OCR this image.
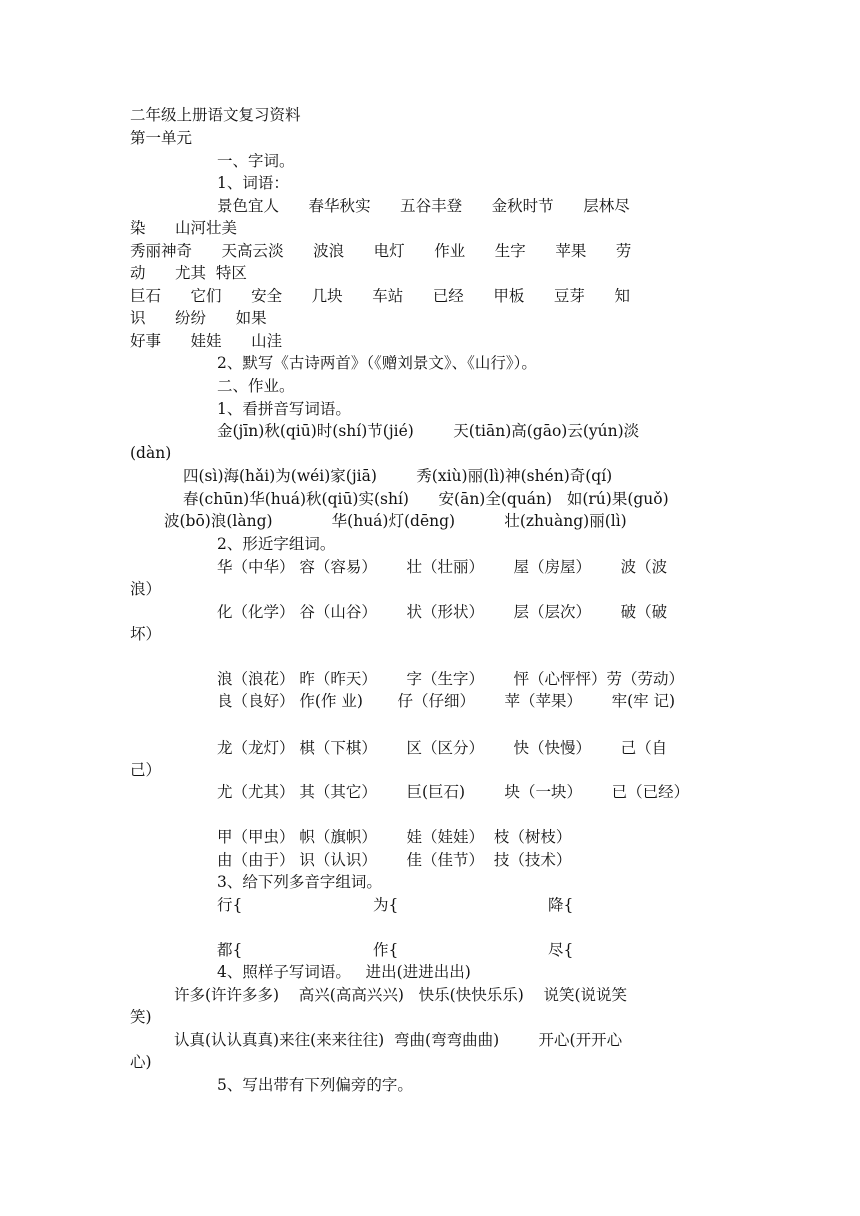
二年级上册语文复习资料
第一单元
一、字词。
1、词语：
景色宜人      春华秋实      五谷丰登      金秋时节      层林尽
染      山河壮美
秀丽神奇      天高云淡      波浪      电灯      作业      生字      苹果      劳
动      尤其  特区
巨石      它们      安全      几块      车站      已经      甲板      豆芽      知
识      纷纷      如果
好事      娃娃      山洼
2、默写《古诗两首》（《赠刘景文》、《山行》）。
二、作业。
1、看拼音写词语。
金(jīn)秋(qiū)时(shí)节(jié)        天(tiān)高(gāo)云(yún)淡
(dàn)
四(sì)海(hǎi)为(wéi)家(jiā)        秀(xiù)丽(lì)神(shén)奇(qí)
春(chūn)华(huá)秋(qiū)实(shí)      安(ān)全(quán)   如(rú)果(guǒ)
波(bō)浪(làng)            华(huá)灯(dēng)          壮(zhuàng)丽(lì)
2、形近字组词。
华（中华） 容（容易）      壮（壮丽）      屋（房屋）      波（波
浪）
化（化学） 谷（山谷）      状（形状）      层（层次）      破（破
坏）
浪（浪花） 昨（昨天）      字（生字）      怦（心怦怦）劳（劳动）
良（良好） 作(作 业)       仔（仔细）      苹（苹果）      牢(牢 记)
龙（龙灯） 棋（下棋）      区（区分）      快（快慢）      己（自
己）
尤（尤其） 其（其它）      巨(巨石)        块（一块）      已（已经）
甲（甲虫） 帜（旗帜）      娃（娃娃）  枝（树枝）
由（由于） 识（认识）      佳（佳节）  技（技术）
3、给下列多音字组词。
行{	为{	降{
都{	作{	尽{
4、照样子写词语。   进出(进进出出)
许多(许许多多)    高兴(高高兴兴)   快乐(快快乐乐)    说笑(说说笑
笑)
认真(认认真真)来往(来来往往)  弯曲(弯弯曲曲)        开心(开开心
心)
5、写出带有下列偏旁的字。
